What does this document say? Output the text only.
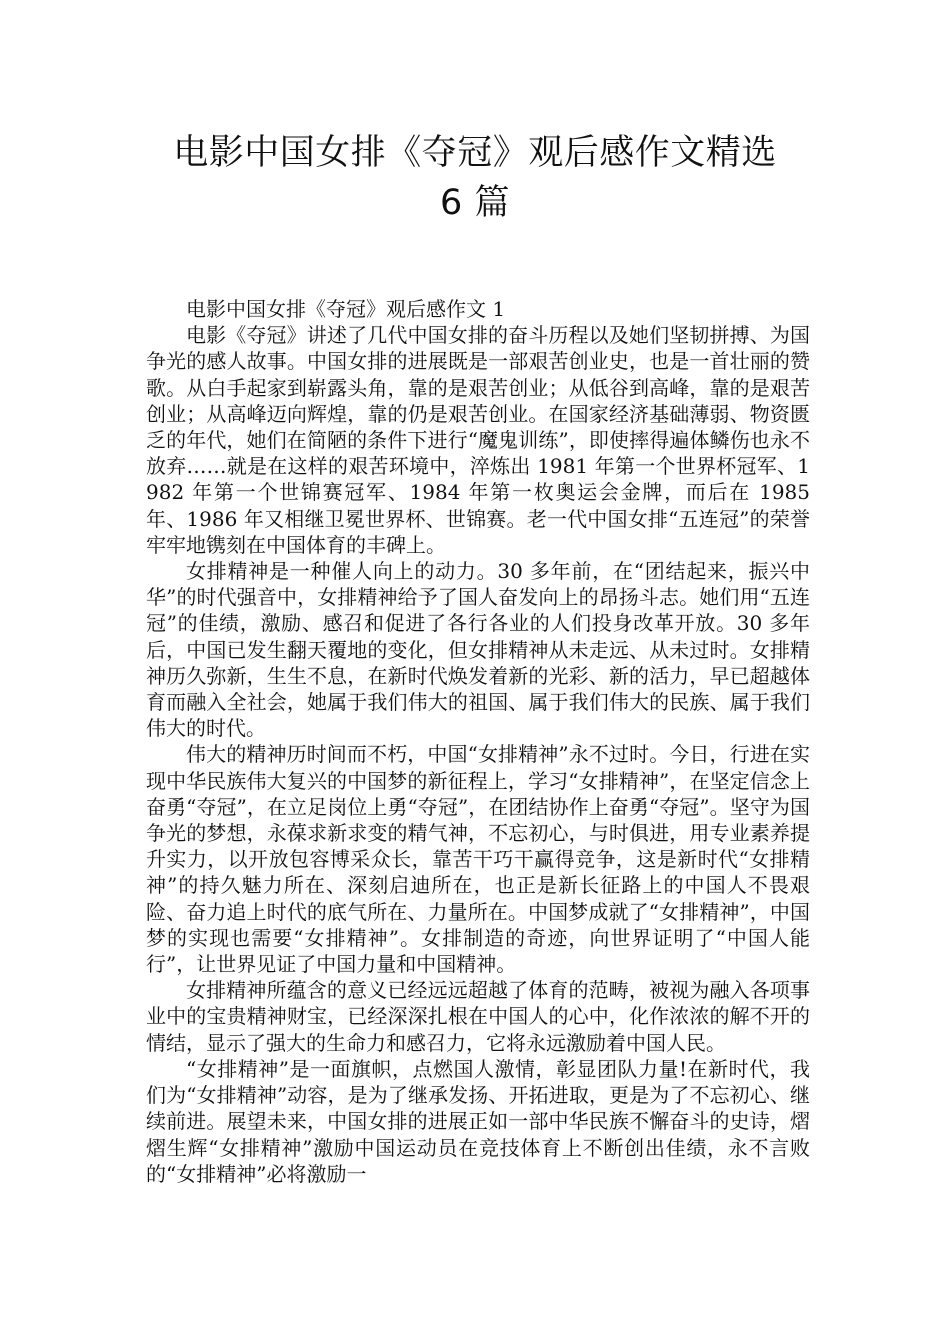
电影中国女排《夺冠》观后感作文精选
6 篇

电影中国女排《夺冠》观后感作文 1

电影《夺冠》讲述了几代中国女排的奋斗历程以及她们坚韧拼搏、为国争光的感人故事。中国女排的进展既是一部艰苦创业史，也是一首壮丽的赞歌。从白手起家到崭露头角，靠的是艰苦创业；从低谷到高峰，靠的是艰苦创业；从高峰迈向辉煌，靠的仍是艰苦创业。在国家经济基础薄弱、物资匮乏的年代，她们在简陋的条件下进行“魔鬼训练”，即使摔得遍体鳞伤也永不放弃……就是在这样的艰苦环境中，淬炼出 1981 年第一个世界杯冠军、1982 年第一个世锦赛冠军、1984 年第一枚奥运会金牌，而后在 1985 年、1986 年又相继卫冕世界杯、世锦赛。老一代中国女排“五连冠”的荣誉牢牢地镌刻在中国体育的丰碑上。

女排精神是一种催人向上的动力。30 多年前，在“团结起来，振兴中华”的时代强音中，女排精神给予了国人奋发向上的昂扬斗志。她们用“五连冠”的佳绩，激励、感召和促进了各行各业的人们投身改革开放。30 多年后，中国已发生翻天覆地的变化，但女排精神从未走远、从未过时。女排精神历久弥新，生生不息，在新时代焕发着新的光彩、新的活力，早已超越体育而融入全社会，她属于我们伟大的祖国、属于我们伟大的民族、属于我们伟大的时代。

伟大的精神历时间而不朽，中国“女排精神”永不过时。今日，行进在实现中华民族伟大复兴的中国梦的新征程上，学习“女排精神”，在坚定信念上奋勇“夺冠”，在立足岗位上勇“夺冠”，在团结协作上奋勇“夺冠”。坚守为国争光的梦想，永葆求新求变的精气神，不忘初心，与时俱进，用专业素养提升实力，以开放包容博采众长，靠苦干巧干赢得竞争，这是新时代“女排精神”的持久魅力所在、深刻启迪所在，也正是新长征路上的中国人不畏艰险、奋力追上时代的底气所在、力量所在。中国梦成就了“女排精神”，中国梦的实现也需要“女排精神”。女排制造的奇迹，向世界证明了“中国人能行”，让世界见证了中国力量和中国精神。

女排精神所蕴含的意义已经远远超越了体育的范畴，被视为融入各项事业中的宝贵精神财宝，已经深深扎根在中国人的心中，化作浓浓的解不开的情结，显示了强大的生命力和感召力，它将永远激励着中国人民。

“女排精神”是一面旗帜，点燃国人激情，彰显团队力量!在新时代，我们为“女排精神”动容，是为了继承发扬、开拓进取，更是为了不忘初心、继续前进。展望未来，中国女排的进展正如一部中华民族不懈奋斗的史诗，熠熠生辉“女排精神”激励中国运动员在竞技体育上不断创出佳绩，永不言败的“女排精神”必将激励一
